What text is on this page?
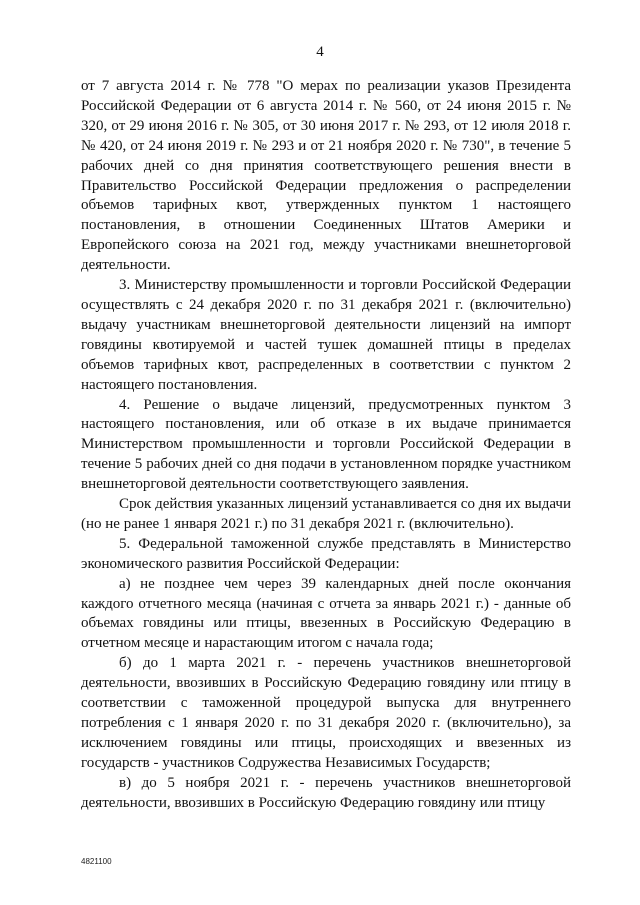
4

от 7 августа 2014 г. № 778 "О мерах по реализации указов Президента Российской Федерации от 6 августа 2014 г. № 560, от 24 июня 2015 г. № 320, от 29 июня 2016 г. № 305, от 30 июня 2017 г. № 293, от 12 июля 2018 г. № 420, от 24 июня 2019 г. № 293 и от 21 ноября 2020 г. № 730", в течение 5 рабочих дней со дня принятия соответствующего решения внести в Правительство Российской Федерации предложения о распределении объемов тарифных квот, утвержденных пунктом 1 настоящего постановления, в отношении Соединенных Штатов Америки и Европейского союза на 2021 год, между участниками внешнеторговой деятельности.

3. Министерству промышленности и торговли Российской Федерации осуществлять с 24 декабря 2020 г. по 31 декабря 2021 г. (включительно) выдачу участникам внешнеторговой деятельности лицензий на импорт говядины квотируемой и частей тушек домашней птицы в пределах объемов тарифных квот, распределенных в соответствии с пунктом 2 настоящего постановления.

4. Решение о выдаче лицензий, предусмотренных пунктом 3 настоящего постановления, или об отказе в их выдаче принимается Министерством промышленности и торговли Российской Федерации в течение 5 рабочих дней со дня подачи в установленном порядке участником внешнеторговой деятельности соответствующего заявления.

Срок действия указанных лицензий устанавливается со дня их выдачи (но не ранее 1 января 2021 г.) по 31 декабря 2021 г. (включительно).

5. Федеральной таможенной службе представлять в Министерство экономического развития Российской Федерации:

а) не позднее чем через 39 календарных дней после окончания каждого отчетного месяца (начиная с отчета за январь 2021 г.) - данные об объемах говядины или птицы, ввезенных в Российскую Федерацию в отчетном месяце и нарастающим итогом с начала года;

б) до 1 марта 2021 г. - перечень участников внешнеторговой деятельности, ввозивших в Российскую Федерацию говядину или птицу в соответствии с таможенной процедурой выпуска для внутреннего потребления с 1 января 2020 г. по 31 декабря 2020 г. (включительно), за исключением говядины или птицы, происходящих и ввезенных из государств - участников Содружества Независимых Государств;

в) до 5 ноября 2021 г. - перечень участников внешнеторговой деятельности, ввозивших в Российскую Федерацию говядину или птицу

4821100
